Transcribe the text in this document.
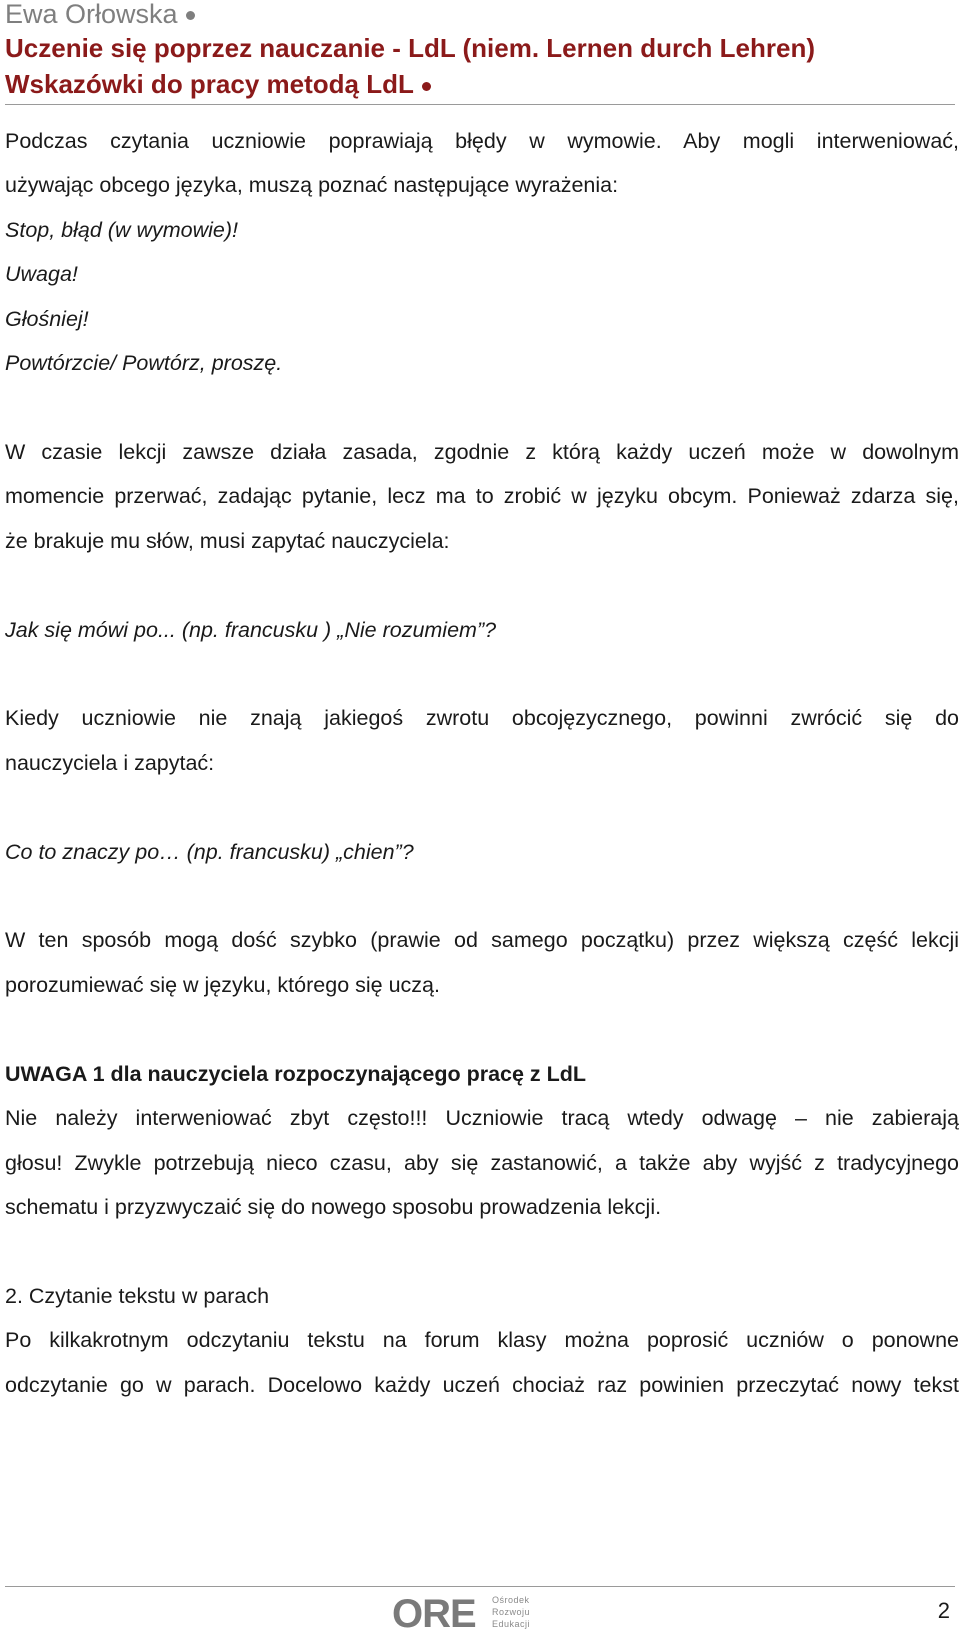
Ewa Orłowska
Uczenie się poprzez nauczanie - LdL (niem. Lernen durch Lehren)
Wskazówki do pracy metodą LdL
Podczas czytania uczniowie poprawiają błędy w wymowie. Aby mogli interweniować,
używając obcego języka, muszą poznać następujące wyrażenia:
Stop, błąd (w wymowie)!
Uwaga!
Głośniej!
Powtórzcie/ Powtórz, proszę.
W czasie lekcji zawsze działa zasada, zgodnie z którą każdy uczeń może w dowolnym
momencie przerwać, zadając pytanie, lecz ma to zrobić w języku obcym. Ponieważ zdarza się,
że brakuje mu słów, musi zapytać nauczyciela:
Jak się mówi po... (np. francusku ) „Nie rozumiem”?
Kiedy uczniowie nie znają jakiegoś zwrotu obcojęzycznego, powinni zwrócić się do
nauczyciela i zapytać:
Co to znaczy po… (np. francusku) „chien”?
W ten sposób mogą dość szybko (prawie od samego początku) przez większą część lekcji
porozumiewać się w języku, którego się uczą.
UWAGA 1 dla nauczyciela rozpoczynającego pracę z LdL
Nie należy interweniować zbyt często!!! Uczniowie tracą wtedy odwagę – nie zabierają
głosu! Zwykle potrzebują nieco czasu, aby się zastanowić, a także aby wyjść z tradycyjnego
schematu i przyzwyczaić się do nowego sposobu prowadzenia lekcji.
2. Czytanie tekstu w parach
Po kilkakrotnym odczytaniu tekstu na forum klasy można poprosić uczniów o ponowne
odczytanie go w parach. Docelowo każdy uczeń chociaż raz powinien przeczytać nowy tekst
ORE Ośrodek
Rozwoju
Edukacji
2
